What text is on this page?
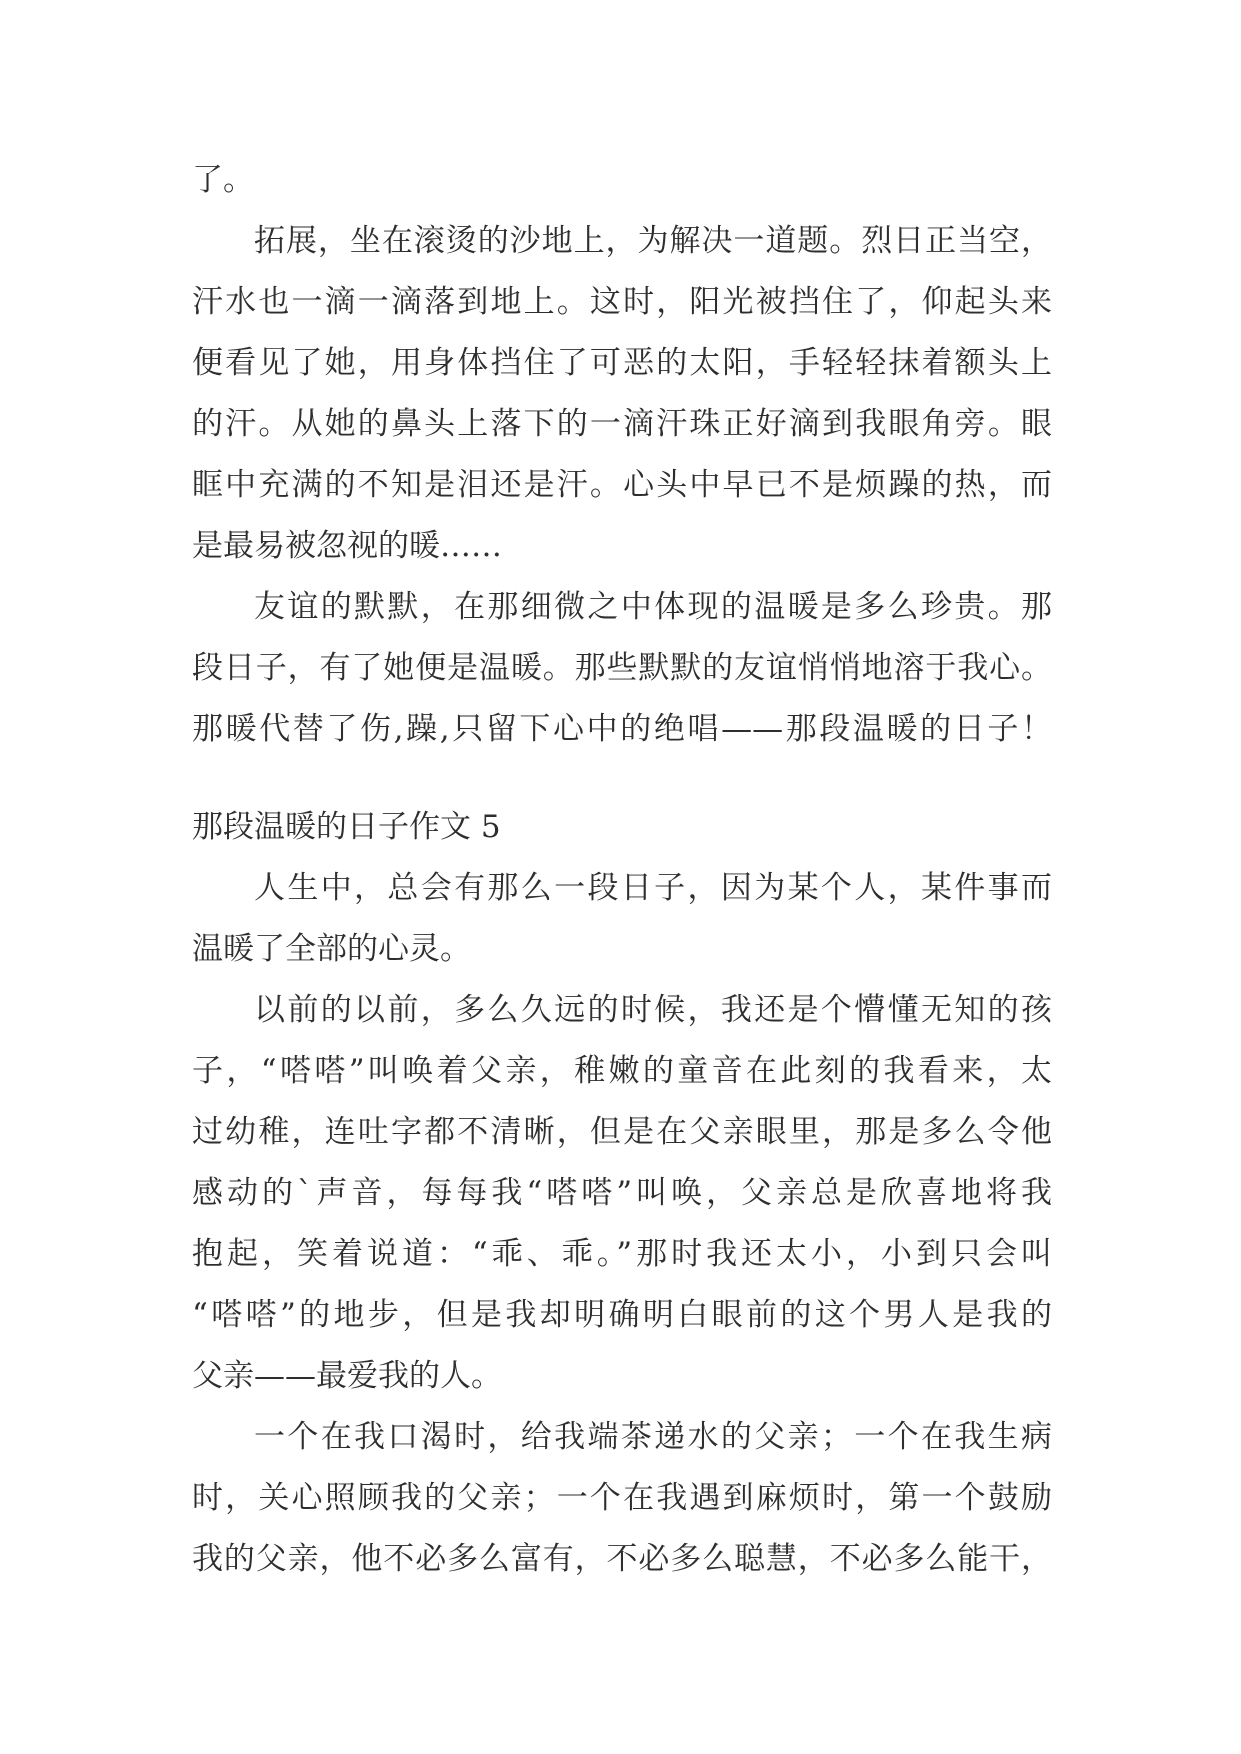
了。
拓展，坐在滚烫的沙地上，为解决一道题。烈日正当空，
汗水也一滴一滴落到地上。这时，阳光被挡住了，仰起头来
便看见了她，用身体挡住了可恶的太阳，手轻轻抹着额头上
的汗。从她的鼻头上落下的一滴汗珠正好滴到我眼角旁。眼
眶中充满的不知是泪还是汗。心头中早已不是烦躁的热，而
是最易被忽视的暖……
友谊的默默，在那细微之中体现的温暖是多么珍贵。那
段日子，有了她便是温暖。那些默默的友谊悄悄地溶于我心。
那暖代替了伤,躁,只留下心中的绝唱——那段温暖的日子！
那段温暖的日子作文 5
人生中，总会有那么一段日子，因为某个人，某件事而
温暖了全部的心灵。
以前的以前，多么久远的时候，我还是个懵懂无知的孩
子，“嗒嗒”叫唤着父亲，稚嫩的童音在此刻的我看来，太
过幼稚，连吐字都不清晰，但是在父亲眼里，那是多么令他
感动的`声音，每每我“嗒嗒”叫唤，父亲总是欣喜地将我
抱起，笑着说道：“乖、乖。”那时我还太小，小到只会叫
“嗒嗒”的地步，但是我却明确明白眼前的这个男人是我的
父亲——最爱我的人。
一个在我口渴时，给我端茶递水的父亲；一个在我生病
时，关心照顾我的父亲；一个在我遇到麻烦时，第一个鼓励
我的父亲，他不必多么富有，不必多么聪慧，不必多么能干，
